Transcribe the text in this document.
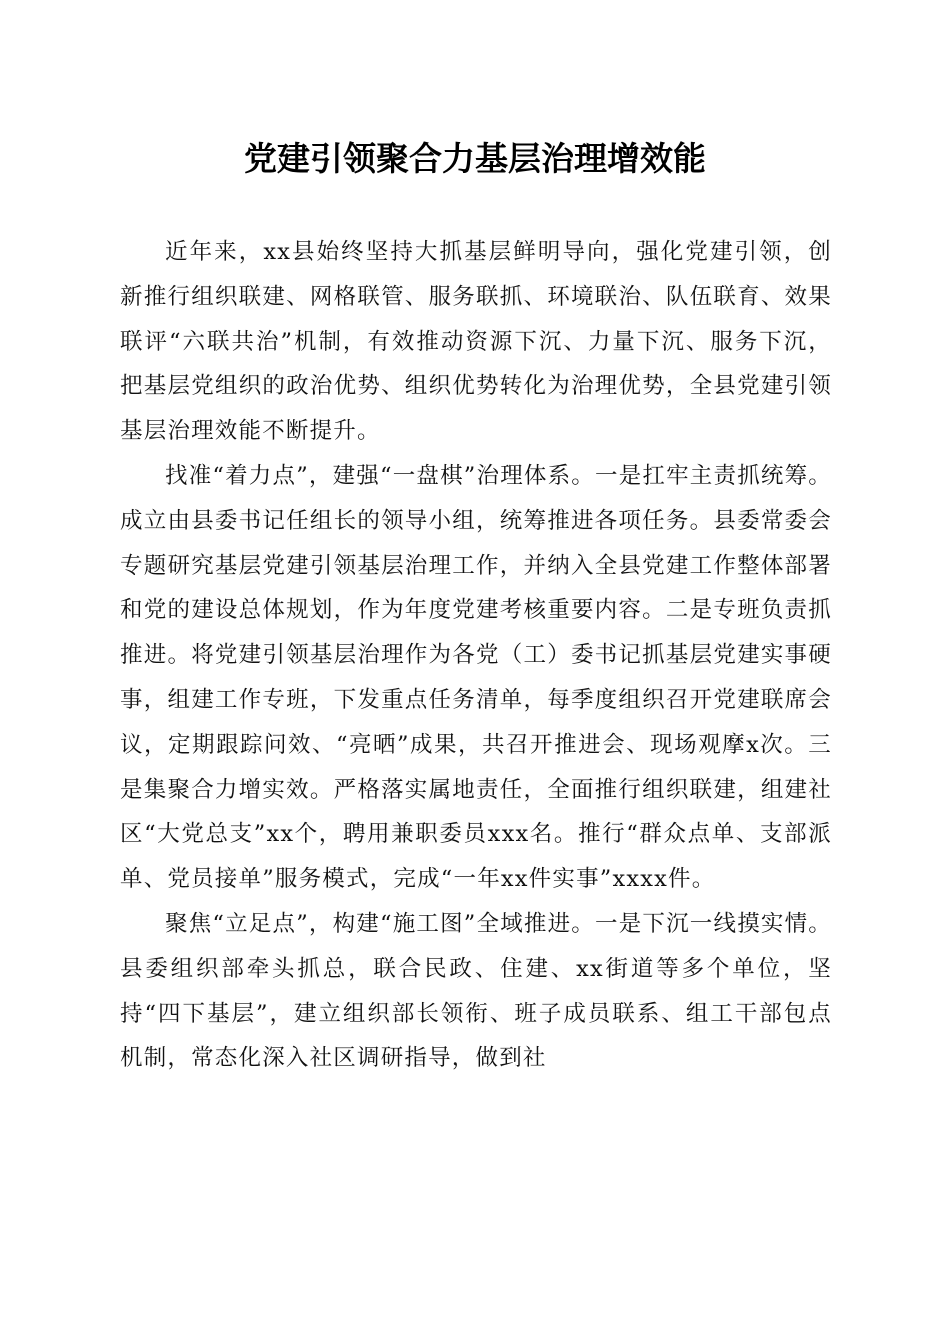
党建引领聚合力基层治理增效能

近年来，xx县始终坚持大抓基层鲜明导向，强化党建引领，创新推行组织联建、网格联管、服务联抓、环境联治、队伍联育、效果联评“六联共治”机制，有效推动资源下沉、力量下沉、服务下沉，把基层党组织的政治优势、组织优势转化为治理优势，全县党建引领基层治理效能不断提升。

找准“着力点”，建强“一盘棋”治理体系。一是扛牢主责抓统筹。成立由县委书记任组长的领导小组，统筹推进各项任务。县委常委会专题研究基层党建引领基层治理工作，并纳入全县党建工作整体部署和党的建设总体规划，作为年度党建考核重要内容。二是专班负责抓推进。将党建引领基层治理作为各党（工）委书记抓基层党建实事硬事，组建工作专班，下发重点任务清单，每季度组织召开党建联席会议，定期跟踪问效、“亮晒”成果，共召开推进会、现场观摩x次。三是集聚合力增实效。严格落实属地责任，全面推行组织联建，组建社区“大党总支”xx个，聘用兼职委员xxx名。推行“群众点单、支部派单、党员接单”服务模式，完成“一年xx件实事”xxxx件。

聚焦“立足点”，构建“施工图”全域推进。一是下沉一线摸实情。县委组织部牵头抓总，联合民政、住建、xx街道等多个单位，坚持“四下基层”，建立组织部长领衔、班子成员联系、组工干部包点机制，常态化深入社区调研指导，做到社
